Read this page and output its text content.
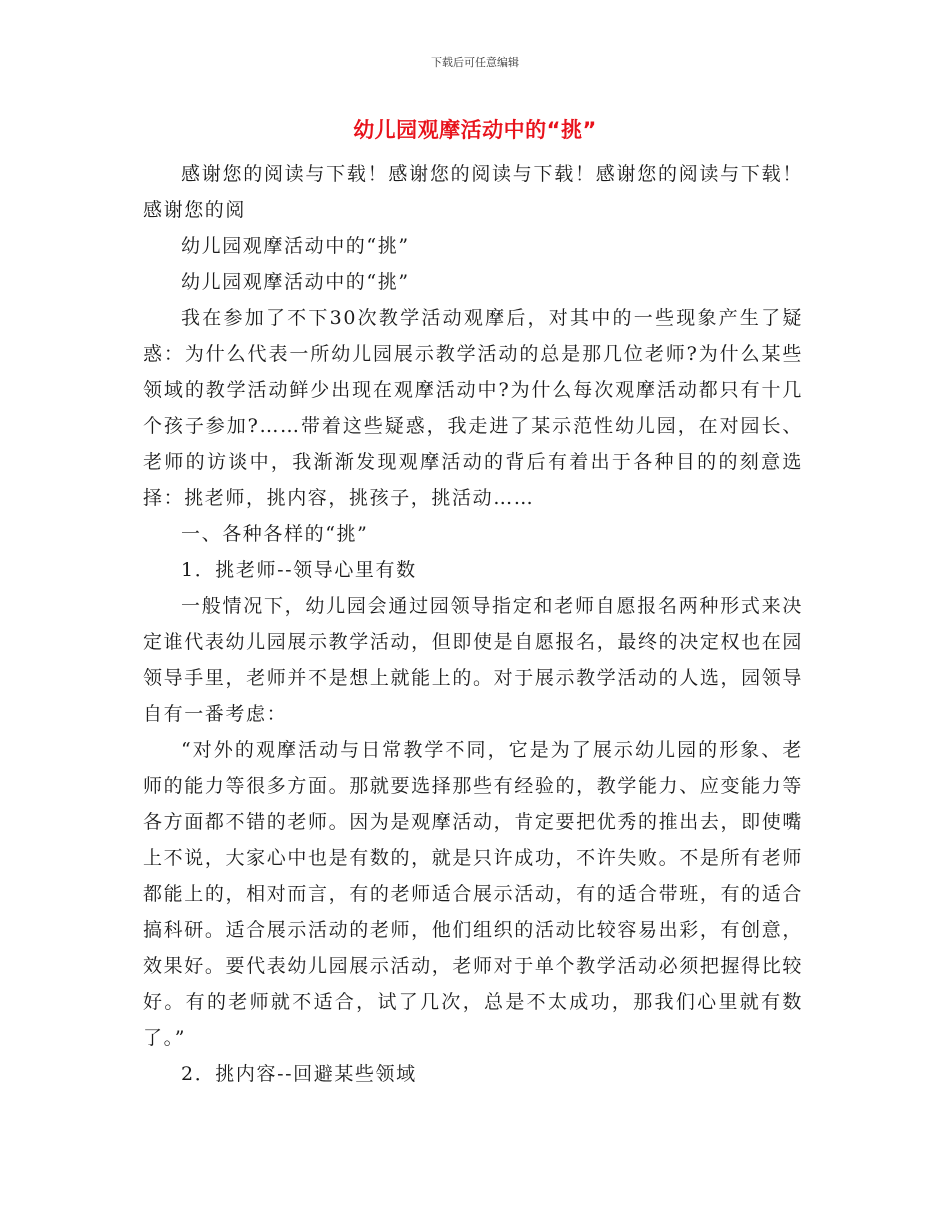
下载后可任意编辑
幼儿园观摩活动中的“挑”

感谢您的阅读与下载！感谢您的阅读与下载！感谢您的阅读与下载！感谢您的阅

幼儿园观摩活动中的“挑”

幼儿园观摩活动中的“挑”

我在参加了不下30次教学活动观摩后，对其中的一些现象产生了疑惑：为什么代表一所幼儿园展示教学活动的总是那几位老师?为什么某些领域的教学活动鲜少出现在观摩活动中?为什么每次观摩活动都只有十几个孩子参加?……带着这些疑惑，我走进了某示范性幼儿园，在对园长、老师的访谈中，我渐渐发现观摩活动的背后有着出于各种目的的刻意选择：挑老师，挑内容，挑孩子，挑活动……

一、各种各样的“挑”

1．挑老师--领导心里有数

一般情况下，幼儿园会通过园领导指定和老师自愿报名两种形式来决定谁代表幼儿园展示教学活动，但即使是自愿报名，最终的决定权也在园领导手里，老师并不是想上就能上的。对于展示教学活动的人选，园领导自有一番考虑：

“对外的观摩活动与日常教学不同，它是为了展示幼儿园的形象、老师的能力等很多方面。那就要选择那些有经验的，教学能力、应变能力等各方面都不错的老师。因为是观摩活动，肯定要把优秀的推出去，即使嘴上不说，大家心中也是有数的，就是只许成功，不许失败。不是所有老师都能上的，相对而言，有的老师适合展示活动，有的适合带班，有的适合搞科研。适合展示活动的老师，他们组织的活动比较容易出彩，有创意，效果好。要代表幼儿园展示活动，老师对于单个教学活动必须把握得比较好。有的老师就不适合，试了几次，总是不太成功，那我们心里就有数了。”

2．挑内容--回避某些领域
